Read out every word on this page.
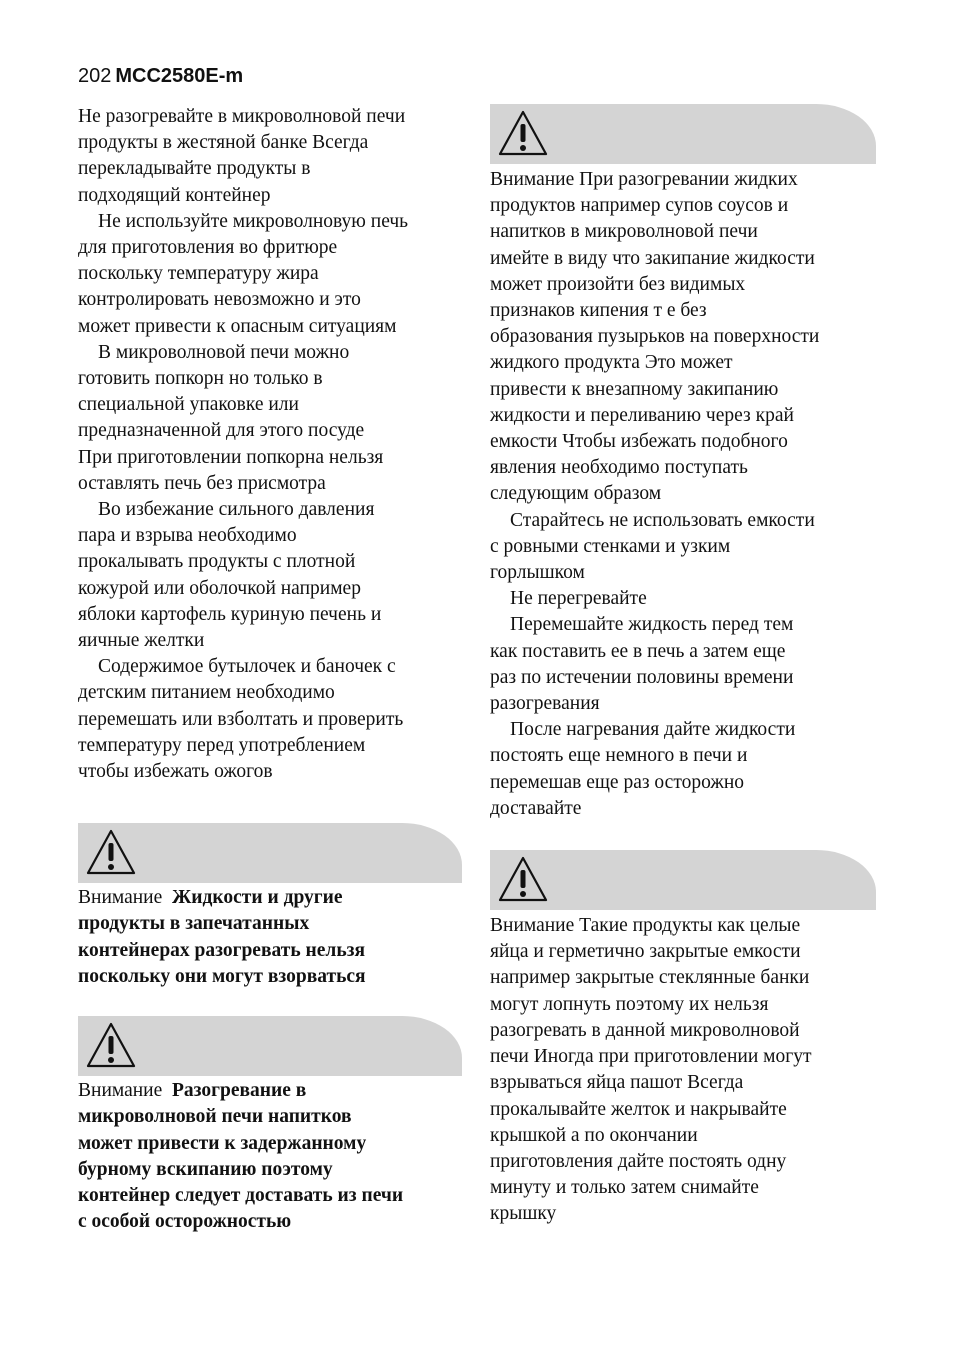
202 MCC2580E-m
Не разогревайте в микроволновой печи
продукты в жестяной банке Всегда
перекладывайте продукты в
подходящий контейнер
Не используйте микроволновую печь
для приготовления во фритюре
поскольку температуру жира
контролировать невозможно и это
может привести к опасным ситуациям
В микроволновой печи можно
готовить попкорн но только в
специальной упаковке или
предназначенной для этого посуде
При приготовлении попкорна нельзя
оставлять печь без присмотра
Во избежание сильного давления
пара и взрыва необходимо
прокалывать продукты с плотной
кожурой или оболочкой например
яблоки картофель куриную печень и
яичные желтки
Содержимое бутылочек и баночек с
детским питанием необходимо
перемешать или взболтать и проверить
температуру перед употреблением
чтобы избежать ожогов
Внимание Жидкости и другие
продукты в запечатанных
контейнерах разогревать нельзя
поскольку они могут взорваться
Внимание Разогревание в
микроволновой печи напитков
может привести к задержанному
бурному вскипанию поэтому
контейнер следует доставать из печи
с особой осторожностью
Внимание При разогревании жидких
продуктов например супов соусов и
напитков в микроволновой печи
имейте в виду что закипание жидкости
может произойти без видимых
признаков кипения т е без
образования пузырьков на поверхности
жидкого продукта Это может
привести к внезапному закипанию
жидкости и переливанию через край
емкости Чтобы избежать подобного
явления необходимо поступать
следующим образом
Старайтесь не использовать емкости
с ровными стенками и узким
горлышком
Не перегревайте
Перемешайте жидкость перед тем
как поставить ее в печь а затем еще
раз по истечении половины времени
разогревания
После нагревания дайте жидкости
постоять еще немного в печи и
перемешав еще раз осторожно
доставайте
Внимание Такие продукты как целые
яйца и герметично закрытые емкости
например закрытые стеклянные банки
могут лопнуть поэтому их нельзя
разогревать в данной микроволновой
печи Иногда при приготовлении могут
взрываться яйца пашот Всегда
прокалывайте желток и накрывайте
крышкой а по окончании
приготовления дайте постоять одну
минуту и только затем снимайте
крышку
